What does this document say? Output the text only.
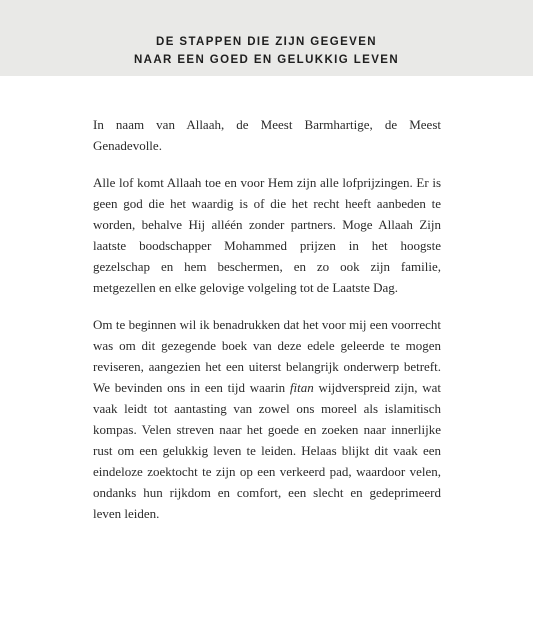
DE STAPPEN DIE ZIJN GEGEVEN
NAAR EEN GOED EN GELUKKIG LEVEN

In naam van Allaah, de Meest Barmhartige, de Meest Genadevolle.

Alle lof komt Allaah toe en voor Hem zijn alle lofprijzingen. Er is geen god die het waardig is of die het recht heeft aanbeden te worden, behalve Hij alléén zonder partners. Moge Allaah Zijn laatste boodschapper Mohammed prijzen in het hoogste gezelschap en hem beschermen, en zo ook zijn familie, metgezellen en elke gelovige volgeling tot de Laatste Dag.

Om te beginnen wil ik benadrukken dat het voor mij een voorrecht was om dit gezegende boek van deze edele geleerde te mogen reviseren, aangezien het een uiterst belangrijk onderwerp betreft. We bevinden ons in een tijd waarin fitan wijdverspreid zijn, wat vaak leidt tot aantasting van zowel ons moreel als islamitisch kompas. Velen streven naar het goede en zoeken naar innerlijke rust om een gelukkig leven te leiden. Helaas blijkt dit vaak een eindeloze zoektocht te zijn op een verkeerd pad, waardoor velen, ondanks hun rijkdom en comfort, een slecht en gedeprimeerd leven leiden.
